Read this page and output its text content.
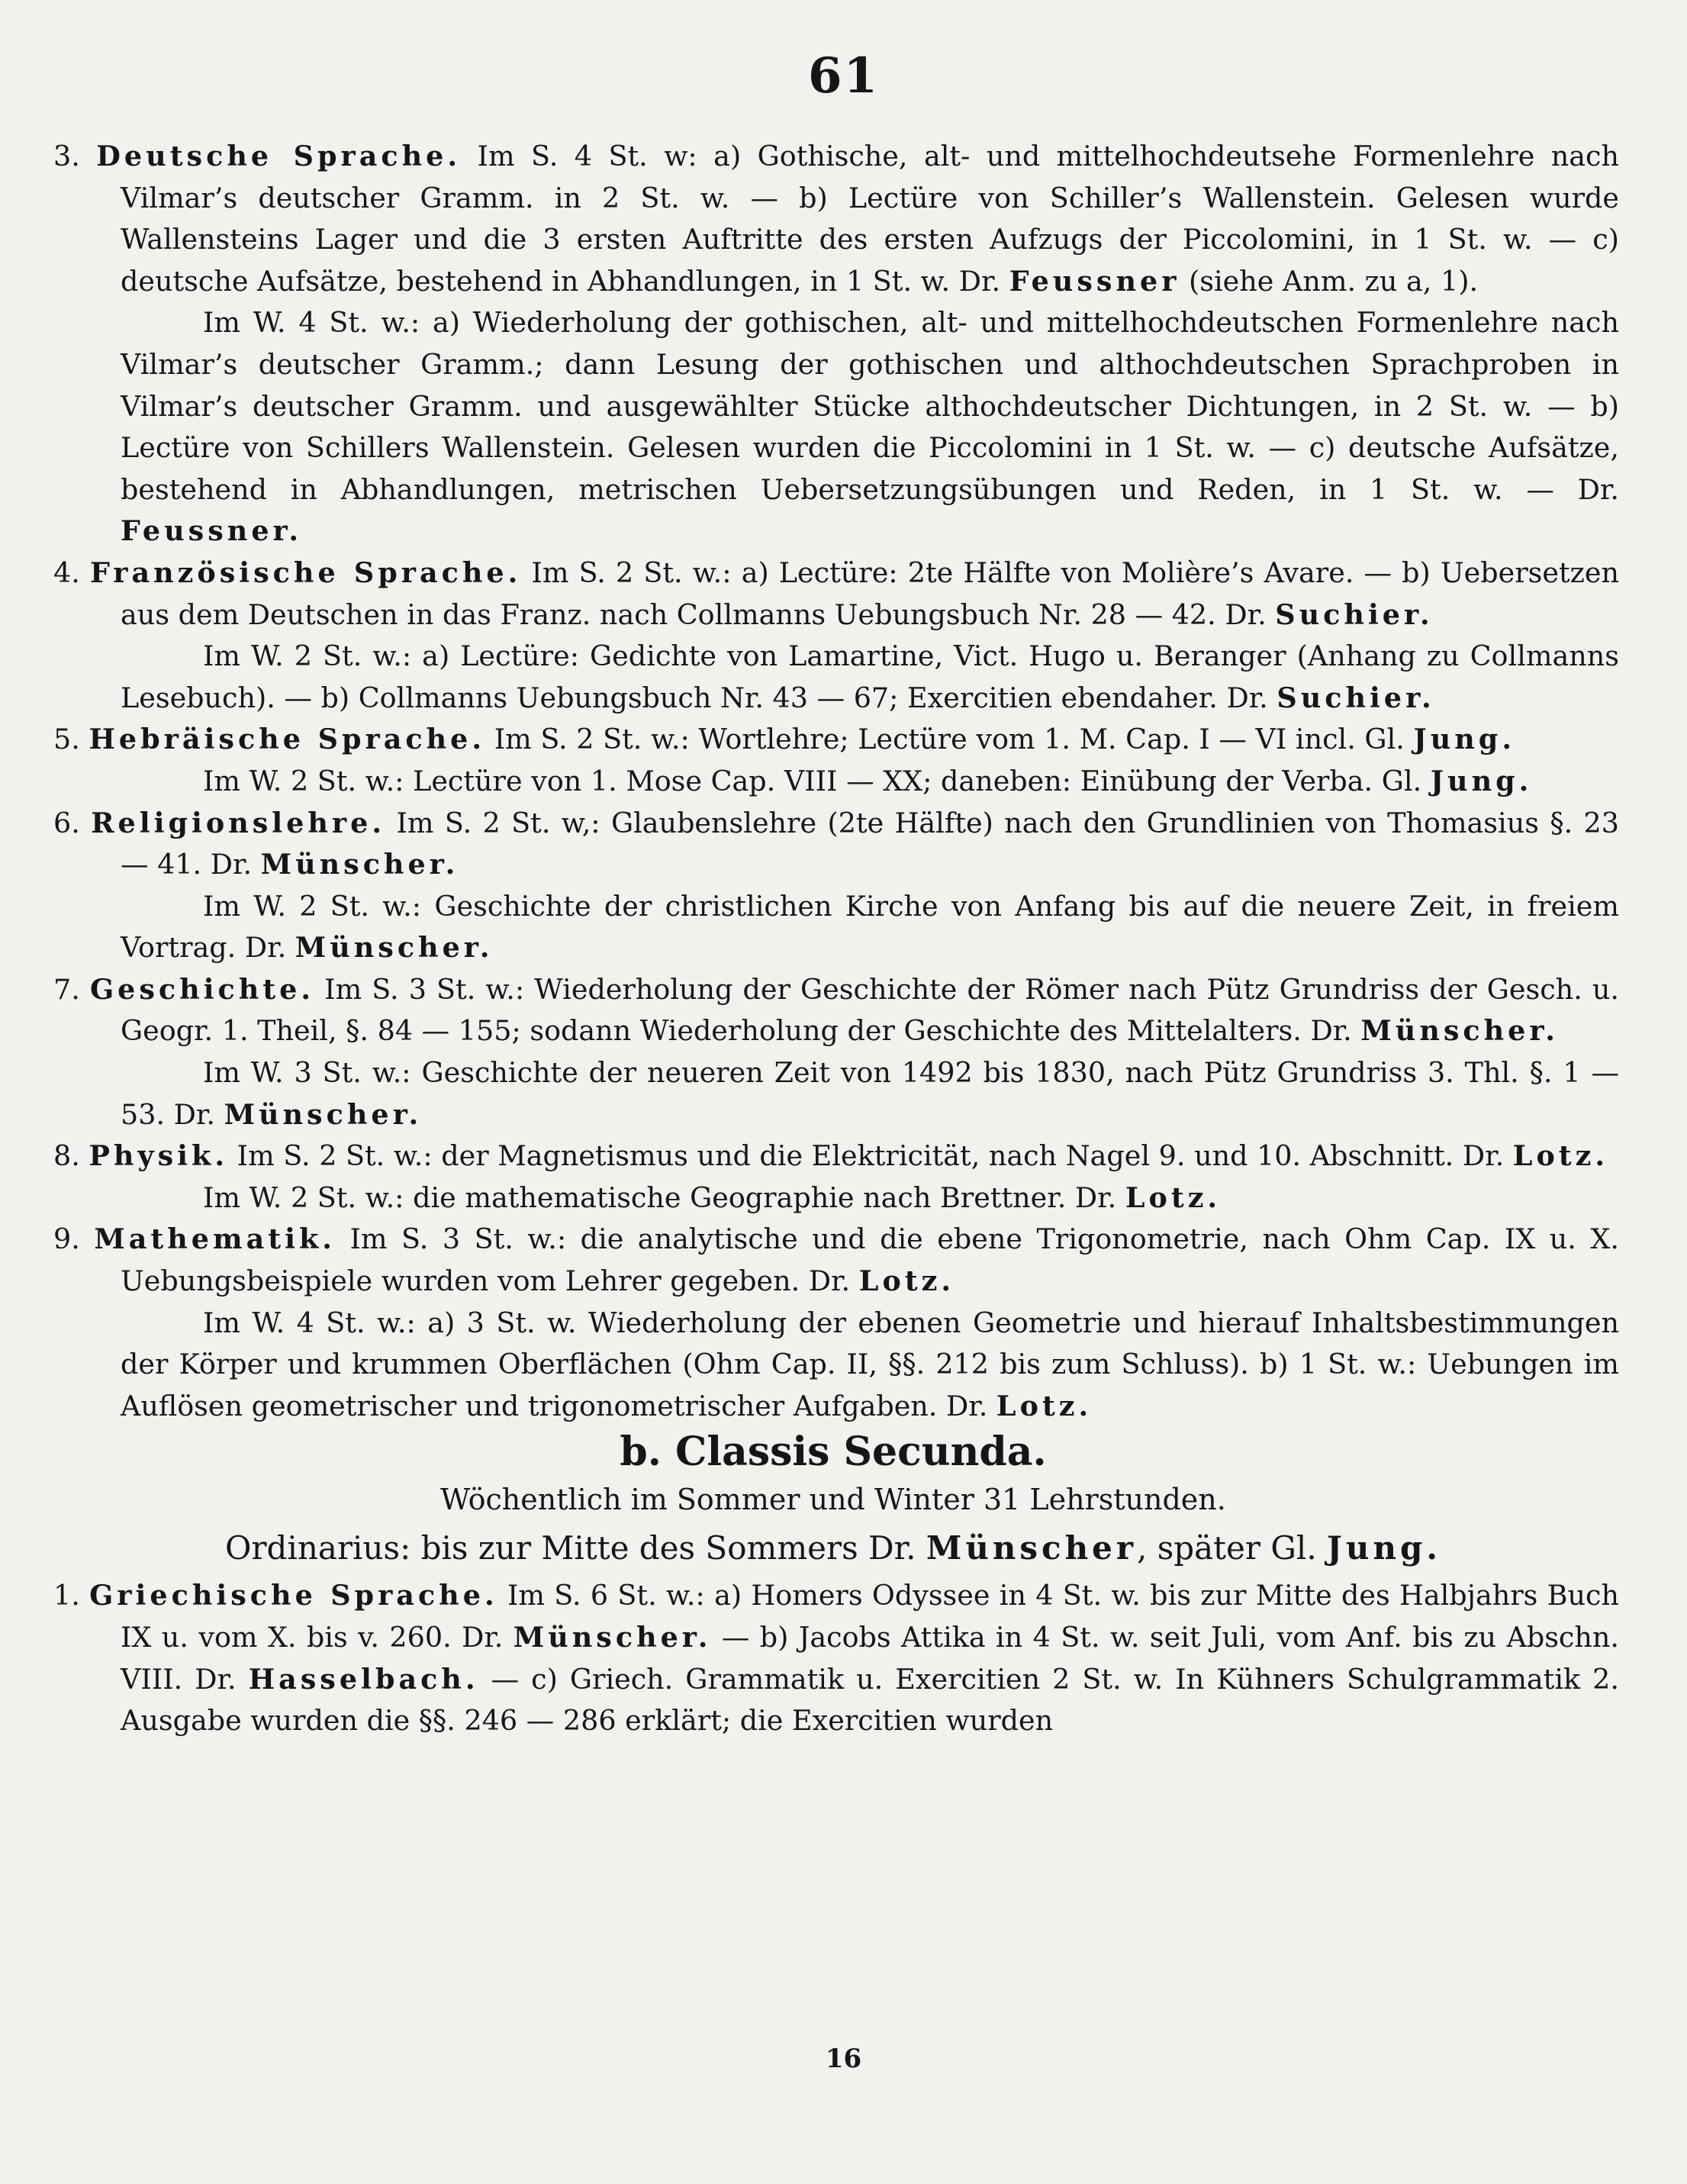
61

3. Deutsche Sprache. Im S. 4 St. w: a) Gothische, alt- und mittelhochdeutsehe Formenlehre nach Vilmar’s deutscher Gramm. in 2 St. w. — b) Lectüre von Schiller’s Wallenstein. Gelesen wurde Wallensteins Lager und die 3 ersten Auftritte des ersten Aufzugs der Piccolomini, in 1 St. w. — c) deutsche Aufsätze, bestehend in Abhandlungen, in 1 St. w. Dr. Feussner (siehe Anm. zu a, 1).

Im W. 4 St. w.: a) Wiederholung der gothischen, alt- und mittelhochdeutschen Formenlehre nach Vilmar’s deutscher Gramm.; dann Lesung der gothischen und althochdeutschen Sprachproben in Vilmar’s deutscher Gramm. und ausgewählter Stücke althochdeutscher Dichtungen, in 2 St. w. — b) Lectüre von Schillers Wallenstein. Gelesen wurden die Piccolomini in 1 St. w. — c) deutsche Aufsätze, bestehend in Abhandlungen, metrischen Uebersetzungsübungen und Reden, in 1 St. w. — Dr. Feussner.

4. Französische Sprache. Im S. 2 St. w.: a) Lectüre: 2te Hälfte von Molière’s Avare. — b) Uebersetzen aus dem Deutschen in das Franz. nach Collmanns Uebungsbuch Nr. 28 — 42. Dr. Suchier.

Im W. 2 St. w.: a) Lectüre: Gedichte von Lamartine, Vict. Hugo u. Beranger (Anhang zu Collmanns Lesebuch). — b) Collmanns Uebungsbuch Nr. 43 — 67; Exercitien ebendaher. Dr. Suchier.

5. Hebräische Sprache. Im S. 2 St. w.: Wortlehre; Lectüre vom 1. M. Cap. I — VI incl. Gl. Jung.

Im W. 2 St. w.: Lectüre von 1. Mose Cap. VIII — XX; daneben: Einübung der Verba. Gl. Jung.

6. Religionslehre. Im S. 2 St. w,: Glaubenslehre (2te Hälfte) nach den Grundlinien von Thomasius §. 23 — 41. Dr. Münscher.

Im W. 2 St. w.: Geschichte der christlichen Kirche von Anfang bis auf die neuere Zeit, in freiem Vortrag. Dr. Münscher.

7. Geschichte. Im S. 3 St. w.: Wiederholung der Geschichte der Römer nach Pütz Grundriss der Gesch. u. Geogr. 1. Theil, §. 84 — 155; sodann Wiederholung der Geschichte des Mittelalters. Dr. Münscher.

Im W. 3 St. w.: Geschichte der neueren Zeit von 1492 bis 1830, nach Pütz Grundriss 3. Thl. §. 1 — 53. Dr. Münscher.

8. Physik. Im S. 2 St. w.: der Magnetismus und die Elektricität, nach Nagel 9. und 10. Abschnitt. Dr. Lotz.

Im W. 2 St. w.: die mathematische Geographie nach Brettner. Dr. Lotz.

9. Mathematik. Im S. 3 St. w.: die analytische und die ebene Trigonometrie, nach Ohm Cap. IX u. X. Uebungsbeispiele wurden vom Lehrer gegeben. Dr. Lotz.

Im W. 4 St. w.: a) 3 St. w. Wiederholung der ebenen Geometrie und hierauf Inhaltsbestimmungen der Körper und krummen Oberflächen (Ohm Cap. II, §§. 212 bis zum Schluss). b) 1 St. w.: Uebungen im Auflösen geometrischer und trigonometrischer Aufgaben. Dr. Lotz.

b. Classis Secunda.

Wöchentlich im Sommer und Winter 31 Lehrstunden.

Ordinarius: bis zur Mitte des Sommers Dr. Münscher, später Gl. Jung.

1. Griechische Sprache. Im S. 6 St. w.: a) Homers Odyssee in 4 St. w. bis zur Mitte des Halbjahrs Buch IX u. vom X. bis v. 260. Dr. Münscher. — b) Jacobs Attika in 4 St. w. seit Juli, vom Anf. bis zu Abschn. VIII. Dr. Hasselbach. — c) Griech. Grammatik u. Exercitien 2 St. w. In Kühners Schulgrammatik 2. Ausgabe wurden die §§. 246 — 286 erklärt; die Exercitien wurden

16
